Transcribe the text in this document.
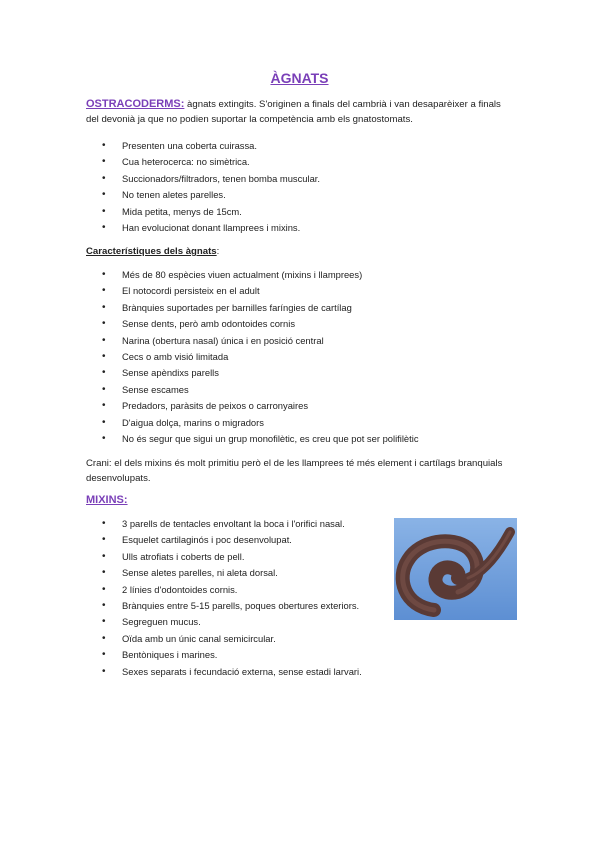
ÀGNATS
OSTRACODERMS: àgnats extingits. S'originen a finals del cambrià i van desaparèixer a finals del devonià ja que no podien suportar la competència amb els gnatostomats.
• Presenten una coberta cuirassa.
• Cua heterocerca: no simètrica.
• Succionadors/filtradors, tenen bomba muscular.
• No tenen aletes parelles.
• Mida petita, menys de 15cm.
• Han evolucionat donant llamprees i mixins.
Característiques dels àgnats:
• Més de 80 espècies viuen actualment (mixins i llamprees)
• El notocordi persisteix en el adult
• Brànquies suportades per barnilles faríngies de cartílag
• Sense dents, però amb odontoides cornis
• Narina (obertura nasal) única i en posició central
• Cecs o amb visió limitada
• Sense apèndixs parells
• Sense escames
• Predadors, paràsits de peixos o carronyaires
• D'aigua dolça, marins o migradors
• No és segur que sigui un grup monofilètic, es creu que pot ser polifilètic
Crani: el dels mixins és molt primitiu però el de les llamprees té més element i cartílags branquials desenvolupats.
MIXINS:
• 3 parells de tentacles envoltant la boca i l'orifici nasal.
• Esquelet cartilaginós i poc desenvolupat.
• Ulls atrofiats i coberts de pell.
• Sense aletes parelles, ni aleta dorsal.
• 2 línies d'odontoides cornis.
• Brànquies entre 5-15 parells, poques obertures exteriors.
• Segreguen mucus.
• Oïda amb un únic canal semicircular.
• Bentòniques i marines.
• Sexes separats i fecundació externa, sense estadi larvari.
